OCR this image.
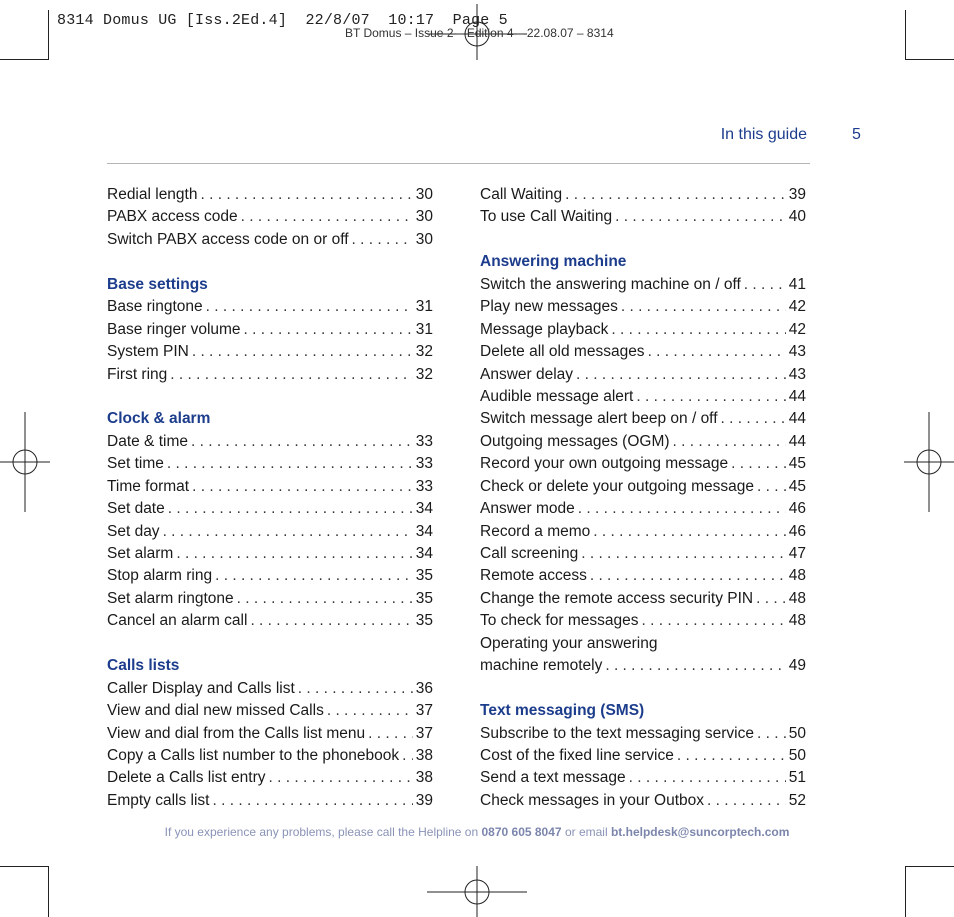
BT Domus – Issue 2 – Edition 4 – 22.08.07 – 8314
8314 Domus UG [Iss.2Ed.4]  22/8/07  10:17  Page 5
In this guide	5
Redial length . . .	30
PABX access code . . .	30
Switch PABX access code on or off . . .	30
Base settings
Base ringtone . . .	31
Base ringer volume . . .	31
System PIN . . .	32
First ring . . .	32
Clock & alarm
Date & time . . .	33
Set time . . .	33
Time format . . .	33
Set date . . .	34
Set day . . .	34
Set alarm . . .	34
Stop alarm ring . . .	35
Set alarm ringtone . . .	35
Cancel an alarm call . . .	35
Calls lists
Caller Display and Calls list . . .	36
View and dial new missed Calls . . .	37
View and dial from the Calls list menu . . .	37
Copy a Calls list number to the phonebook . . . 38
Delete a Calls list entry . . .	38
Empty calls list . . .	39
Call Waiting . . .	39
To use Call Waiting . . .	40
Answering machine
Switch the answering machine on / off . . .	41
Play new messages . . .	42
Message playback . . .	42
Delete all old messages . . .	43
Answer delay . . .	43
Audible message alert . . .	44
Switch message alert beep on / off . . .	44
Outgoing messages (OGM) . . .	44
Record your own outgoing message . . .	45
Check or delete your outgoing message . . . 45
Answer mode . . .	46
Record a memo . . .	46
Call screening . . .	47
Remote access . . .	48
Change the remote access security PIN . . . 48
To check for messages . . .	48
Operating your answering
machine remotely . . .	49
Text messaging (SMS)
Subscribe to the text messaging service . . . 50
Cost of the fixed line service . . .	50
Send a text message . . .	51
Check messages in your Outbox . . .	52
If you experience any problems, please call the Helpline on 0870 605 8047 or email bt.helpdesk@suncorptech.com
